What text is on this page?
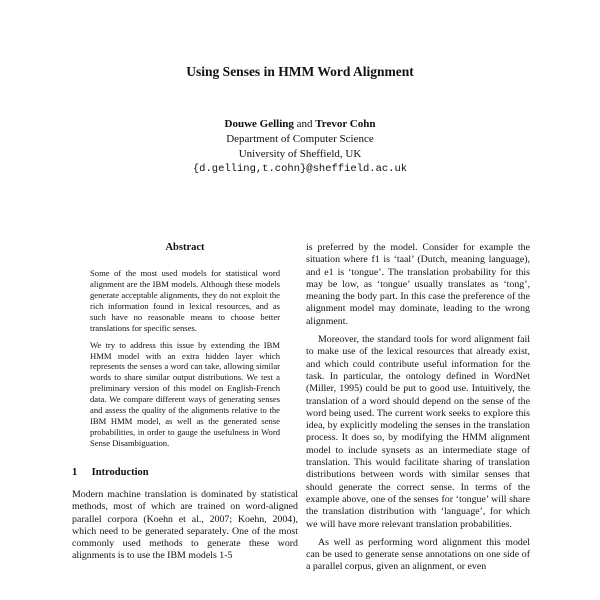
Using Senses in HMM Word Alignment
Douwe Gelling and Trevor Cohn
Department of Computer Science
University of Sheffield, UK
{d.gelling,t.cohn}@sheffield.ac.uk
Abstract

Some of the most used models for statistical word alignment are the IBM models. Although these models generate acceptable alignments, they do not exploit the rich information found in lexical resources, and as such have no reasonable means to choose better translations for specific senses.

We try to address this issue by extending the IBM HMM model with an extra hidden layer which represents the senses a word can take, allowing similar words to share similar output distributions. We test a preliminary version of this model on English-French data. We compare different ways of generating senses and assess the quality of the alignments relative to the IBM HMM model, as well as the generated sense probabilities, in order to gauge the usefulness in Word Sense Disambiguation.

1 Introduction

Modern machine translation is dominated by statistical methods, most of which are trained on word-aligned parallel corpora (Koehn et al., 2007; Koehn, 2004), which need to be generated separately. One of the most commonly used methods to generate these word alignments is to use the IBM models 1-5

is preferred by the model. Consider for example the situation where f1 is ‘taal’ (Dutch, meaning language), and e1 is ‘tongue’. The translation probability for this may be low, as ‘tongue’ usually translates as ‘tong’, meaning the body part. In this case the preference of the alignment model may dominate, leading to the wrong alignment.

Moreover, the standard tools for word alignment fail to make use of the lexical resources that already exist, and which could contribute useful information for the task. In particular, the ontology defined in WordNet (Miller, 1995) could be put to good use. Intuitively, the translation of a word should depend on the sense of the word being used. The current work seeks to explore this idea, by explicitly modeling the senses in the translation process. It does so, by modifying the HMM alignment model to include synsets as an intermediate stage of translation. This would facilitate sharing of translation distributions between words with similar senses that should generate the correct sense. In terms of the example above, one of the senses for ‘tongue’ will share the translation distribution with ‘language’, for which we will have more relevant translation probabilities.

As well as performing word alignment this model can be used to generate sense annotations on one side of a parallel corpus, given an alignment, or even
